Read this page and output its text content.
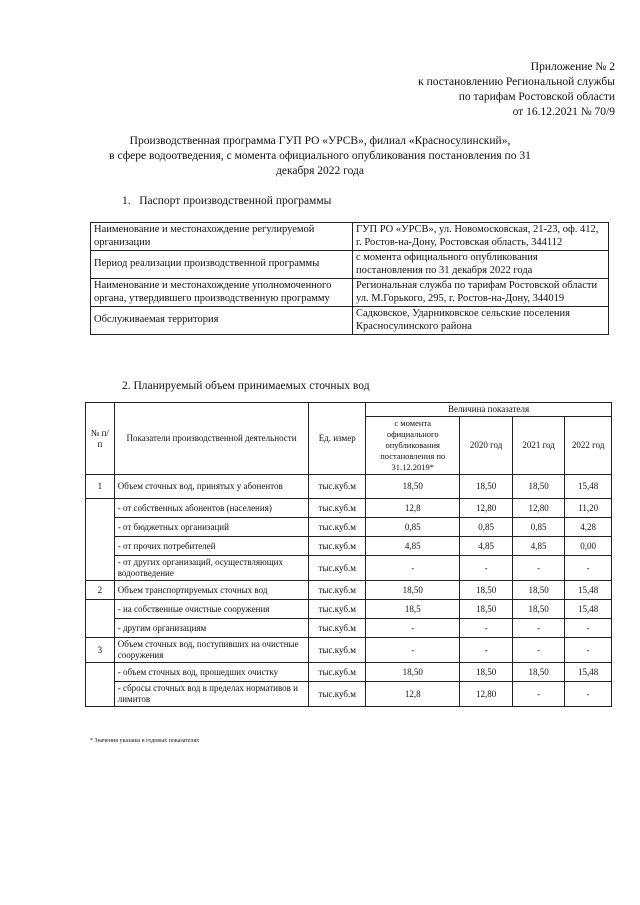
Приложение № 2
к постановлению Региональной службы
по тарифам Ростовской области
от 16.12.2021 № 70/9
Производственная программа ГУП РО «УРСВ», филиал «Красносулинский»,
в сфере водоотведения, с момента официального опубликования постановления по 31
декабря 2022 года
1. Паспорт производственной программы
Наименование и местонахождение регулируемой организации	ГУП РО «УРСВ», ул. Новомосковская, 21-23, оф. 412, г. Ростов-на-Дону, Ростовская область, 344112

Период реализации производственной программы	с момента официального опубликования постановления по 31 декабря 2022 года

Наименование и местонахождение уполномоченного органа, утвердившего производственную программу	Региональная служба по тарифам Ростовской области
ул. М.Горького, 295, г. Ростов-на-Дону, 344019

Обслуживаемая территория	Садковское, Ударниковское сельские поселения Красносулинского района
2. Планируемый объем принимаемых сточных вод
№ п/п	Показатели производственной деятельности	Ед. измер	Величина показателя			
			с момента официального опубликования постановления по 31.12.2019*	2020 год	2021 год	2022 год
1	Объем сточных вод, принятых у абонентов	тыс.куб.м	18,50	18,50	18,50	15,48
	- от собственных абонентов (населения)	тыс.куб.м	12,8	12,80	12,80	11,20
	- от бюджетных организаций	тыс.куб.м	0,85	0,85	0,85	4,28
	- от прочих потребителей	тыс.куб.м	4,85	4,85	4,85	0,00
	- от других организаций, осуществляющих водоотведение	тыс.куб.м	-	-	-	-
2	Объем транспортируемых сточных вод	тыс.куб.м	18,50	18,50	18,50	15,48
	- на собственные очистные сооружения	тыс.куб.м	18,5	18,50	18,50	15,48
	- другим организациям	тыс.куб.м	-	-	-	-
3	Объем сточных вод, поступивших на очистные сооружения	тыс.куб.м	-	-	-	-
	- объем сточных вод, прошедших очистку	тыс.куб.м	18,50	18,50	18,50	15,48
	- сбросы сточных вод в пределах нормативов и лимитов	тыс.куб.м	12,8	12,80	-	-
* Значения указаны в годовых показателях
